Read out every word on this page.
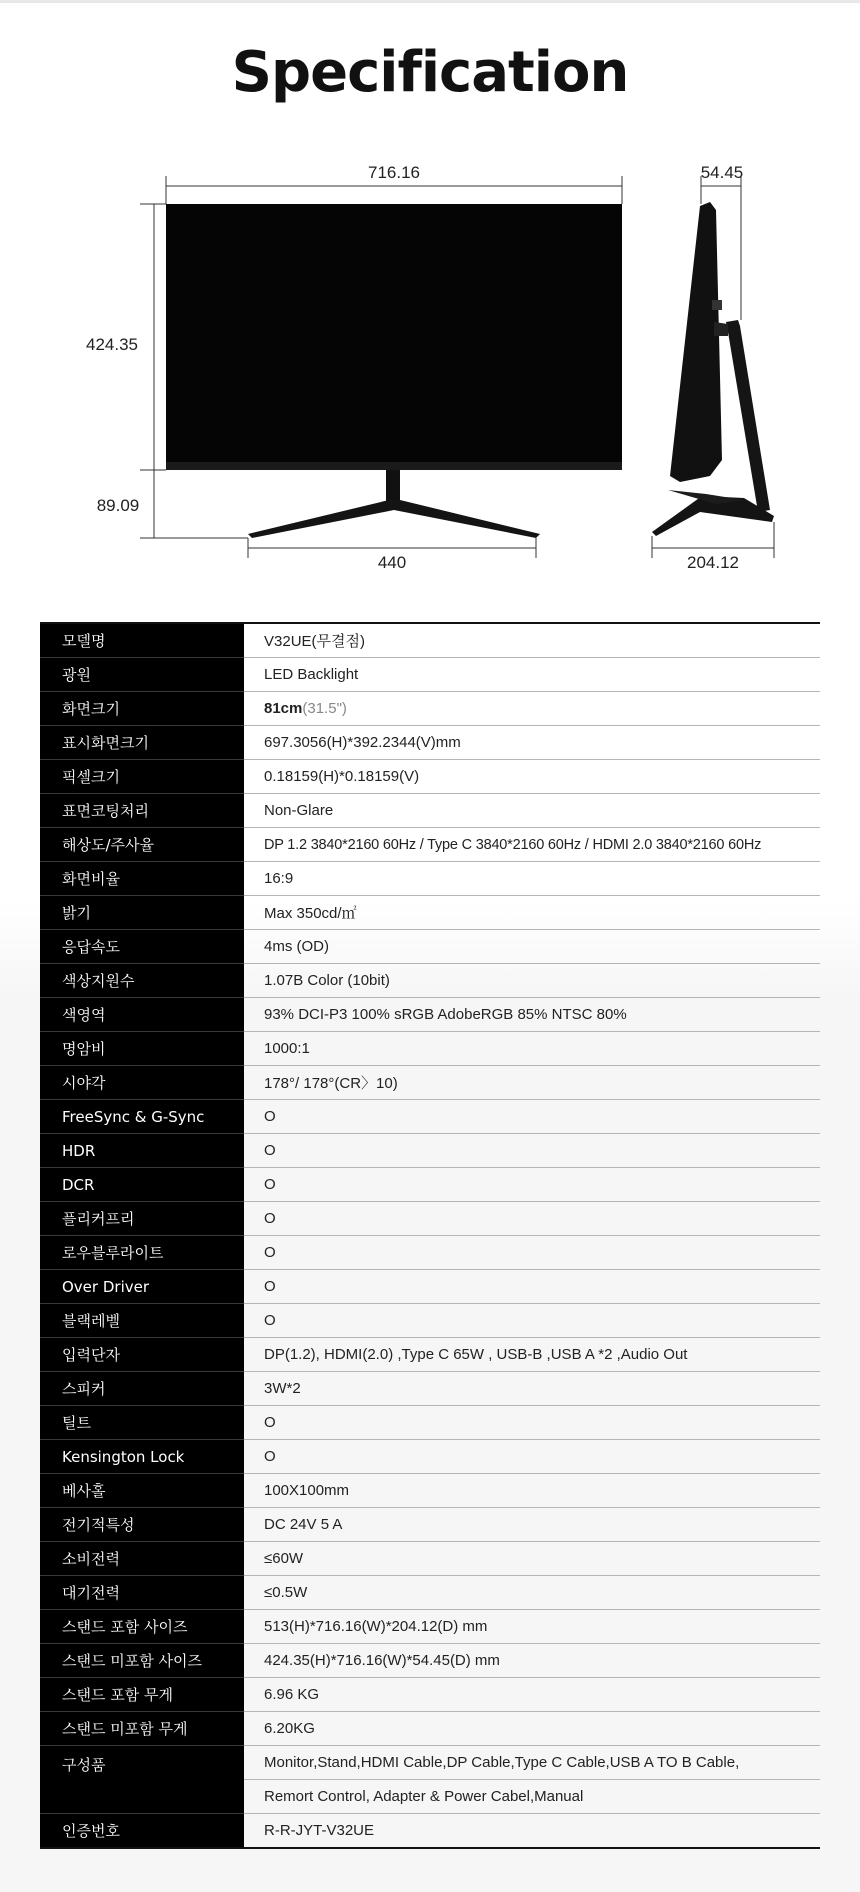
Specification
716.16
424.35
89.09
440
54.45
204.12
모델명	V32UE(무결점)
광원	LED Backlight
화면크기	81cm(31.5")
표시화면크기	697.3056(H)*392.2344(V)mm
픽셀크기	0.18159(H)*0.18159(V)
표면코팅처리	Non-Glare
해상도/주사율	DP 1.2 3840*2160 60Hz / Type C 3840*2160 60Hz / HDMI 2.0 3840*2160 60Hz
화면비율	16:9
밝기	Max 350cd/㎡
응답속도	4ms (OD)
색상지원수	1.07B Color (10bit)
색영역	93% DCI-P3 100% sRGB AdobeRGB 85% NTSC 80%
명암비	1000:1
시야각	178°/ 178°(CR〉10)
FreeSync & G-Sync	O
HDR	O
DCR	O
플리커프리	O
로우블루라이트	O
Over Driver	O
블랙레벨	O
입력단자	DP(1.2), HDMI(2.0) ,Type C 65W , USB-B ,USB A *2 ,Audio Out
스피커	3W*2
틸트	O
Kensington Lock	O
베사홀	100X100mm
전기적특성	DC 24V 5 A
소비전력	≤60W
대기전력	≤0.5W
스탠드 포함 사이즈	513(H)*716.16(W)*204.12(D) mm
스탠드 미포함 사이즈	424.35(H)*716.16(W)*54.45(D) mm
스탠드 포함 무게	6.96 KG
스탠드 미포함 무게	6.20KG
구성품	Monitor,Stand,HDMI Cable,DP Cable,Type C Cable,USB A TO B Cable,
	Remort Control, Adapter & Power Cabel,Manual
인증번호	R-R-JYT-V32UE
